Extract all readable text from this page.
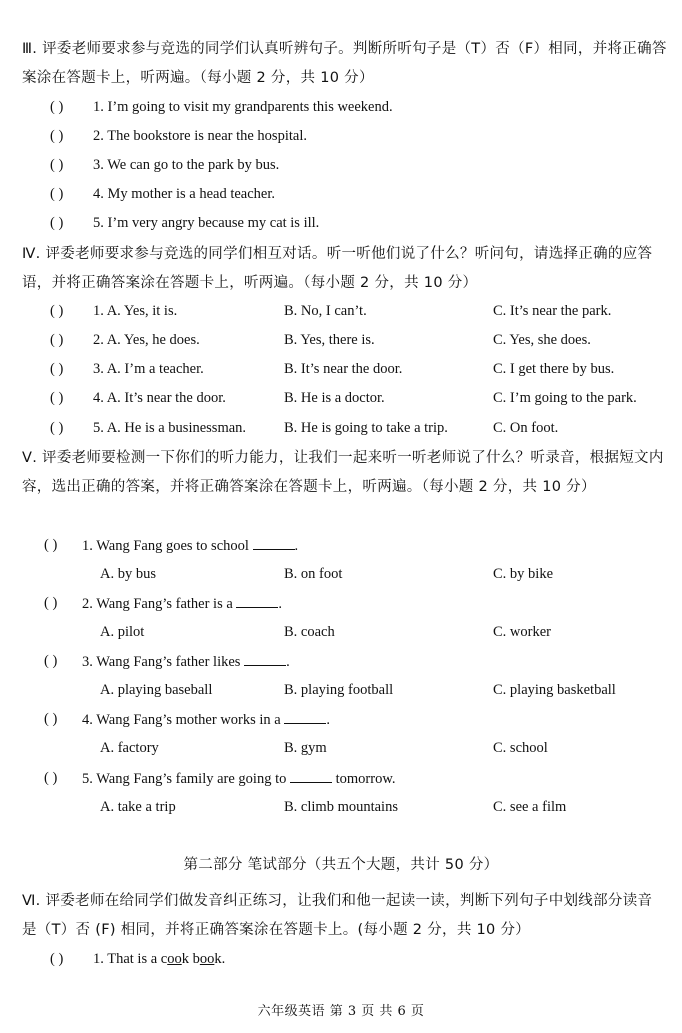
Ⅲ. 评委老师要求参与竞选的同学们认真听辨句子。判断所听句子是（T）否（F）相同，并将正确答案涂在答题卡上，听两遍。（每小题 2 分，共 10 分）
( ) 1. I’m going to visit my grandparents this weekend.
( ) 2. The bookstore is near the hospital.
( ) 3. We can go to the park by bus.
( ) 4. My mother is a head teacher.
( ) 5. I’m very angry because my cat is ill.
Ⅳ. 评委老师要求参与竞选的同学们相互对话。听一听他们说了什么？听问句，请选择正确的应答语，并将正确答案涂在答题卡上，听两遍。（每小题 2 分，共 10 分）
( ) 1. A. Yes, it is.	B. No, I can’t.	C. It’s near the park.
( ) 2. A. Yes, he does.	B. Yes, there is.	C. Yes, she does.
( ) 3. A. I’m a teacher.	B. It’s near the door.	C. I get there by bus.
( ) 4. A. It’s near the door.	B. He is a doctor.	C. I’m going to the park.
( ) 5. A. He is a businessman.	B. He is going to take a trip.	C. On foot.
Ⅴ. 评委老师要检测一下你们的听力能力，让我们一起来听一听老师说了什么？听录音，根据短文内容，选出正确的答案，并将正确答案涂在答题卡上，听两遍。（每小题 2 分，共 10 分）
( ) 1. Wang Fang goes to school	.
A. by bus	B. on foot	C. by bike
( ) 2. Wang Fang’s father is a	.
A. pilot	B. coach	C. worker
( ) 3. Wang Fang’s father likes	.
A. playing baseball	B. playing football	C. playing basketball
( ) 4. Wang Fang’s mother works in a	.
A. factory	B. gym	C. school
( ) 5. Wang Fang’s family are going to	tomorrow.
A. take a trip	B. climb mountains	C. see a film
第二部分 笔试部分（共五个大题，共计 50 分）
Ⅵ. 评委老师在给同学们做发音纠正练习，让我们和他一起读一读，判断下列句子中划线部分读音是（T）否 (F) 相同，并将正确答案涂在答题卡上。(每小题 2 分，共 10 分）
( ) 1. That is a cook book.
六年级英语 第 3 页 共 6 页
